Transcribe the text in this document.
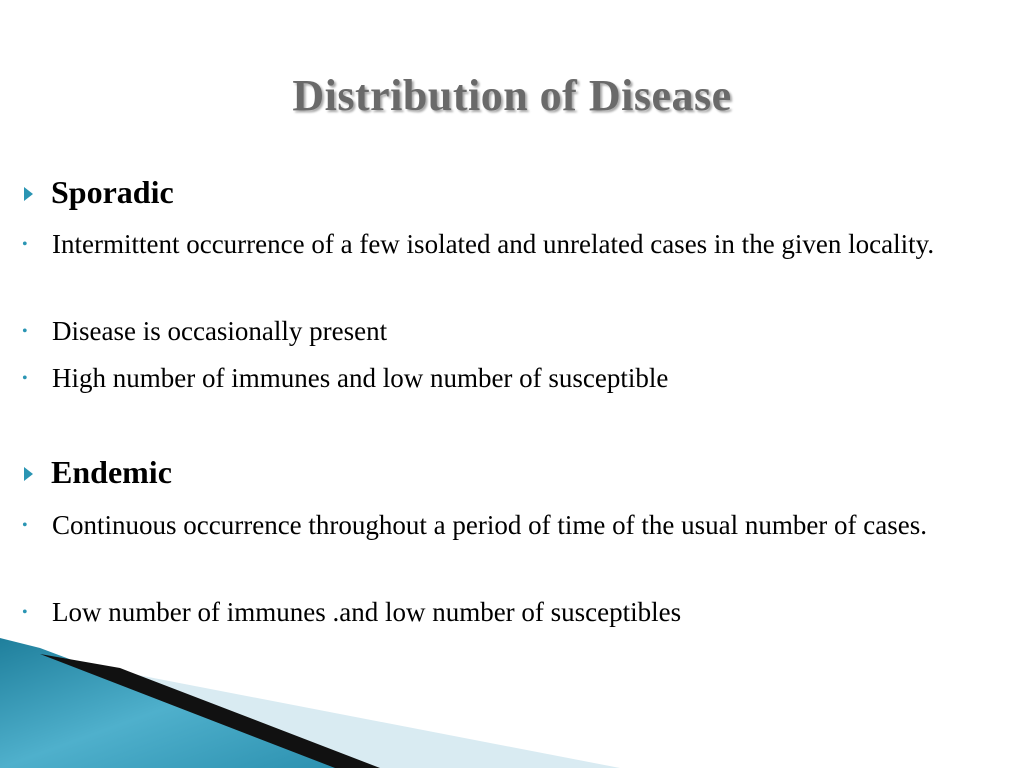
Distribution of Disease
Sporadic
• Intermittent occurrence of a few isolated and unrelated cases in the given locality.
• Disease is occasionally present
• High number of immunes and low number of susceptible
Endemic
• Continuous occurrence throughout a period of time of the usual number of cases.
• Low number of immunes .and low number of susceptibles
